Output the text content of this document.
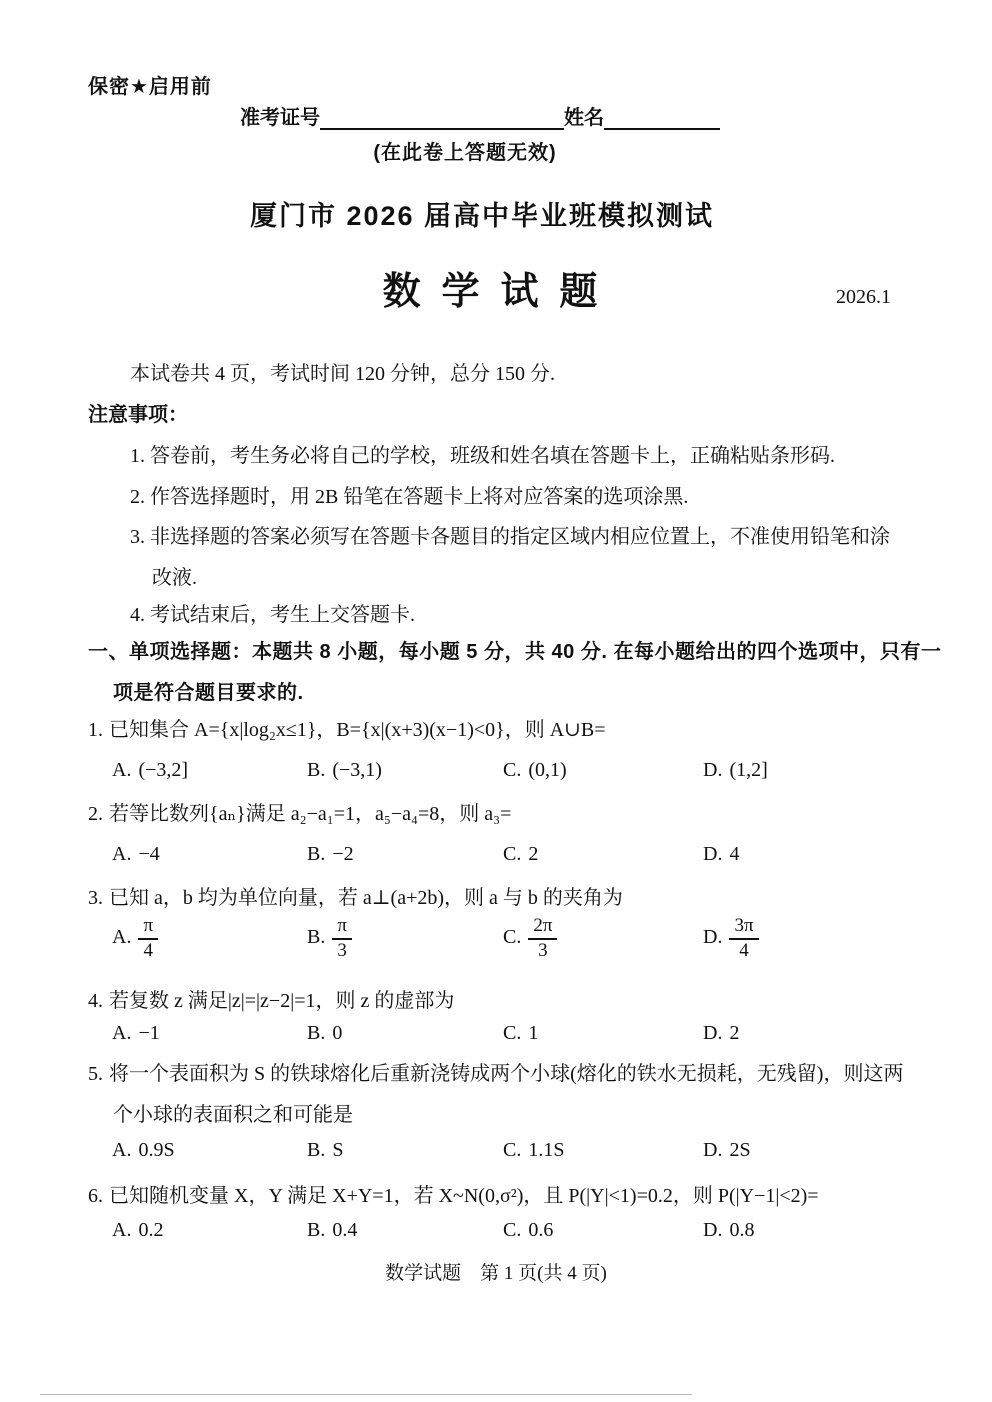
保密★启用前
准考证号	姓名
(在此卷上答题无效)
厦门市 2026 届高中毕业班模拟测试
数学试题	2026.1
本试卷共 4 页，考试时间 120 分钟，总分 150 分.
注意事项：
1. 答卷前，考生务必将自己的学校，班级和姓名填在答题卡上，正确粘贴条形码.
2. 作答选择题时，用 2B 铅笔在答题卡上将对应答案的选项涂黑.
3. 非选择题的答案必须写在答题卡各题目的指定区域内相应位置上，不准使用铅笔和涂
改液.
4. 考试结束后，考生上交答题卡.
一、单项选择题：本题共 8 小题，每小题 5 分，共 40 分. 在每小题给出的四个选项中，只有一
项是符合题目要求的.
1. 已知集合 A={x|log₂x≤1}，B={x|(x+3)(x−1)<0}，则 A∪B=
A. (−3,2]	B. (−3,1)	C. (0,1)	D. (1,2]
2. 若等比数列{aₙ}满足 a₂−a₁=1，a₅−a₄=8，则 a₃=
A. −4	B. −2	C. 2	D. 4
3. 已知 a，b 均为单位向量，若 a⊥(a+2b)，则 a 与 b 的夹角为
A. $\frac{\pi}{4}$	B. $\frac{\pi}{3}$	C. $\frac{2\pi}{3}$	D. $\frac{3\pi}{4}$
4. 若复数 z 满足|z|=|z−2|=1，则 z 的虚部为
A. −1	B. 0	C. 1	D. 2
5. 将一个表面积为 S 的铁球熔化后重新浇铸成两个小球(熔化的铁水无损耗，无残留)，则这两
个小球的表面积之和可能是
A. 0.9S	B. S	C. 1.1S	D. 2S
6. 已知随机变量 X，Y 满足 X+Y=1，若 X~N(0,σ²)，且 P(|Y|<1)=0.2，则 P(|Y−1|<2)=
A. 0.2	B. 0.4	C. 0.6	D. 0.8
数学试题　第 1 页(共 4 页)
